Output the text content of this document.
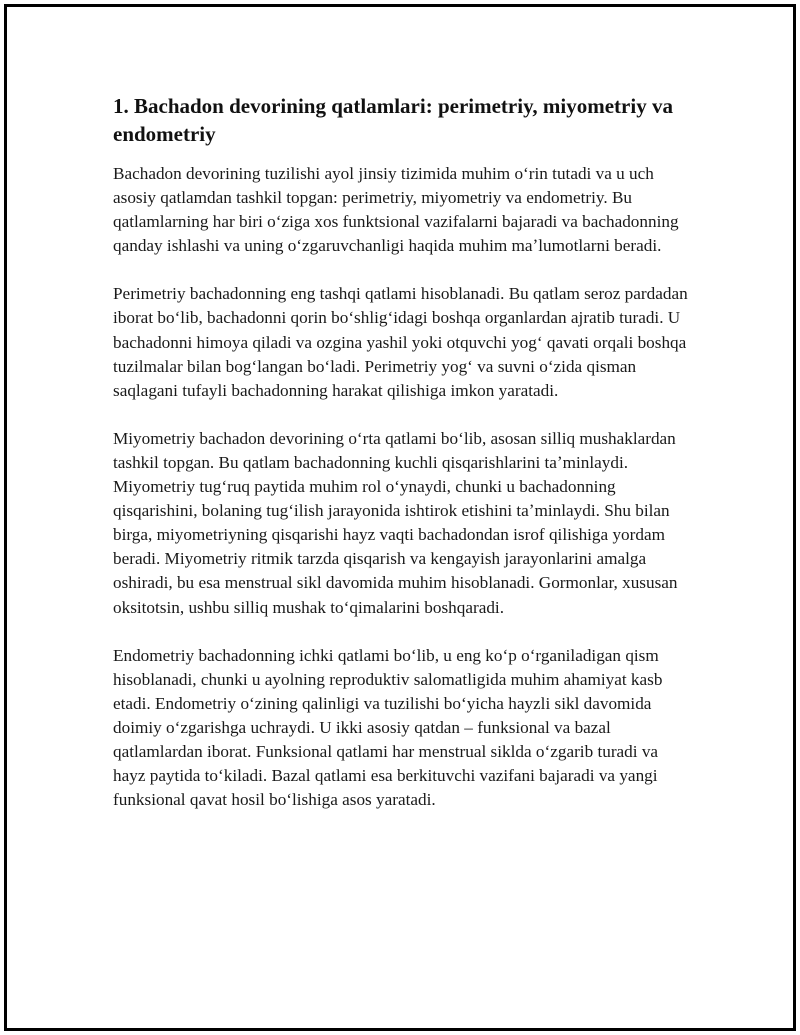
1. Bachadon devorining qatlamlari: perimetriy, miyometriy va endometriy

Bachadon devorining tuzilishi ayol jinsiy tizimida muhim oʻrin tutadi va u uch asosiy qatlamdan tashkil topgan: perimetriy, miyometriy va endometriy. Bu qatlamlarning har biri oʻziga xos funktsional vazifalarni bajaradi va bachadonning qanday ishlashi va uning oʻzgaruvchanligi haqida muhim maʼlumotlarni beradi.

Perimetriy bachadonning eng tashqi qatlami hisoblanadi. Bu qatlam seroz pardadan iborat boʻlib, bachadonni qorin boʻshligʻidagi boshqa organlardan ajratib turadi. U bachadonni himoya qiladi va ozgina yashil yoki otquvchi yogʻ qavati orqali boshqa tuzilmalar bilan bogʻlangan boʻladi. Perimetriy yogʻ va suvni oʻzida qisman saqlagani tufayli bachadonning harakat qilishiga imkon yaratadi.

Miyometriy bachadon devorining oʻrta qatlami boʻlib, asosan silliq mushaklardan tashkil topgan. Bu qatlam bachadonning kuchli qisqarishlarini taʼminlaydi. Miyometriy tugʻruq paytida muhim rol oʻynaydi, chunki u bachadonning qisqarishini, bolaning tugʻilish jarayonida ishtirok etishini taʼminlaydi. Shu bilan birga, miyometriyning qisqarishi hayz vaqti bachadondan isrof qilishiga yordam beradi. Miyometriy ritmik tarzda qisqarish va kengayish jarayonlarini amalga oshiradi, bu esa menstrual sikl davomida muhim hisoblanadi. Gormonlar, xususan oksitotsin, ushbu silliq mushak toʻqimalarini boshqaradi.

Endometriy bachadonning ichki qatlami boʻlib, u eng koʻp oʻrganiladigan qism hisoblanadi, chunki u ayolning reproduktiv salomatligida muhim ahamiyat kasb etadi. Endometriy oʻzining qalinligi va tuzilishi boʻyicha hayzli sikl davomida doimiy oʻzgarishga uchraydi. U ikki asosiy qatdan – funksional va bazal qatlamlardan iborat. Funksional qatlami har menstrual siklda oʻzgarib turadi va hayz paytida toʻkiladi. Bazal qatlami esa berkituvchi vazifani bajaradi va yangi funksional qavat hosil boʻlishiga asos yaratadi.
